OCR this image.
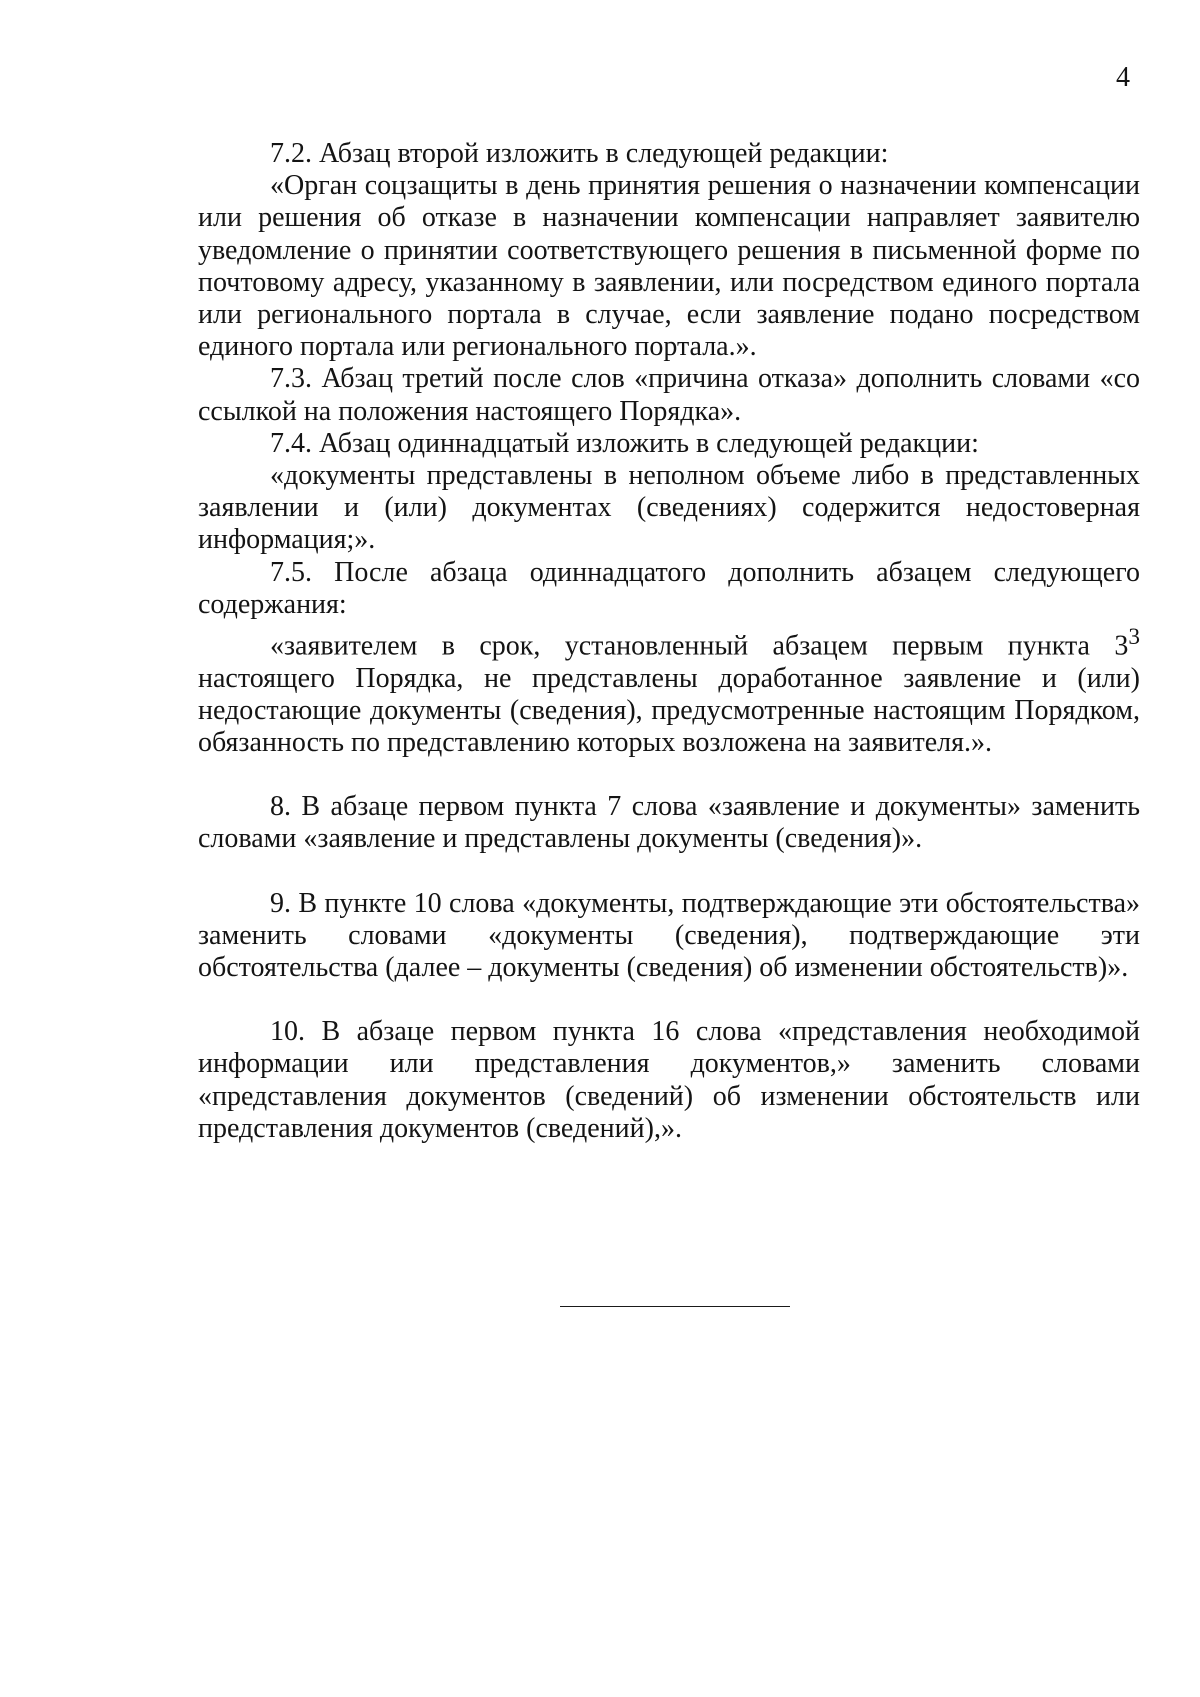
4

7.2. Абзац второй изложить в следующей редакции:

«Орган соцзащиты в день принятия решения о назначении компенсации или решения об отказе в назначении компенсации направляет заявителю уведомление о принятии соответствующего решения в письменной форме по почтовому адресу, указанному в заявлении, или посредством единого портала или регионального портала в случае, если заявление подано посредством единого портала или регионального портала.».

7.3. Абзац третий после слов «причина отказа» дополнить словами «со ссылкой на положения настоящего Порядка».

7.4. Абзац одиннадцатый изложить в следующей редакции:

«документы представлены в неполном объеме либо в представленных заявлении и (или) документах (сведениях) содержится недостоверная информация;».

7.5. После абзаца одиннадцатого дополнить абзацем следующего содержания:

«заявителем в срок, установленный абзацем первым пункта $3^3$ настоящего Порядка, не представлены доработанное заявление и (или) недостающие документы (сведения), предусмотренные настоящим Порядком, обязанность по представлению которых возложена на заявителя.».

8. В абзаце первом пункта 7 слова «заявление и документы» заменить словами «заявление и представлены документы (сведения)».

9. В пункте 10 слова «документы, подтверждающие эти обстоятельства» заменить словами «документы (сведения), подтверждающие эти обстоятельства (далее – документы (сведения) об изменении обстоятельств)».

10. В абзаце первом пункта 16 слова «представления необходимой информации или представления документов,» заменить словами «представления документов (сведений) об изменении обстоятельств или представления документов (сведений),».
